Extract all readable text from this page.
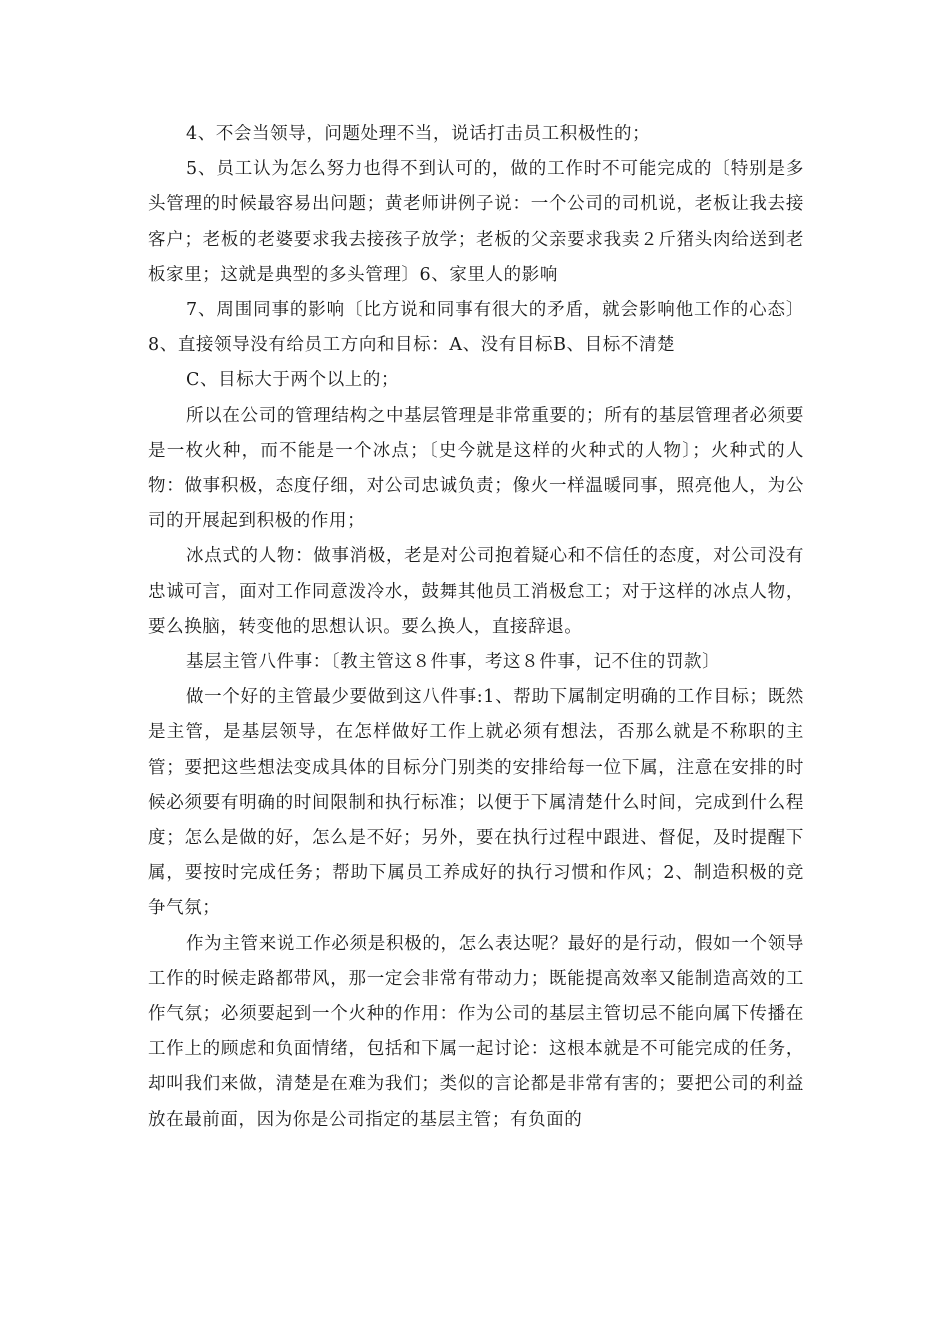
4、不会当领导，问题处理不当，说话打击员工积极性的；

5、员工认为怎么努力也得不到认可的，做的工作时不可能完成的〔特别是多头管理的时候最容易出问题；黄老师讲例子说：一个公司的司机说，老板让我去接客户；老板的老婆要求我去接孩子放学；老板的父亲要求我卖２斤猪头肉给送到老板家里；这就是典型的多头管理〕6、家里人的影响

7、周围同事的影响〔比方说和同事有很大的矛盾，就会影响他工作的心态〕8、直接领导没有给员工方向和目标：A、没有目标B、目标不清楚

C、目标大于两个以上的；

所以在公司的管理结构之中基层管理是非常重要的；所有的基层管理者必须要是一枚火种，而不能是一个冰点；〔史今就是这样的火种式的人物〕；火种式的人物：做事积极，态度仔细，对公司忠诚负责；像火一样温暖同事，照亮他人，为公司的开展起到积极的作用；

冰点式的人物：做事消极，老是对公司抱着疑心和不信任的态度，对公司没有忠诚可言，面对工作同意泼冷水，鼓舞其他员工消极怠工；对于这样的冰点人物，要么换脑，转变他的思想认识。要么换人，直接辞退。

基层主管八件事：〔教主管这８件事，考这８件事，记不住的罚款〕

做一个好的主管最少要做到这八件事:1、帮助下属制定明确的工作目标；既然是主管，是基层领导，在怎样做好工作上就必须有想法，否那么就是不称职的主管；要把这些想法变成具体的目标分门别类的安排给每一位下属，注意在安排的时候必须要有明确的时间限制和执行标准；以便于下属清楚什么时间，完成到什么程度；怎么是做的好，怎么是不好；另外，要在执行过程中跟进、督促，及时提醒下属，要按时完成任务；帮助下属员工养成好的执行习惯和作风；2、制造积极的竞争气氛；

作为主管来说工作必须是积极的，怎么表达呢？最好的是行动，假如一个领导工作的时候走路都带风，那一定会非常有带动力；既能提高效率又能制造高效的工作气氛；必须要起到一个火种的作用：作为公司的基层主管切忌不能向属下传播在工作上的顾虑和负面情绪，包括和下属一起讨论：这根本就是不可能完成的任务，却叫我们来做，清楚是在难为我们；类似的言论都是非常有害的；要把公司的利益放在最前面，因为你是公司指定的基层主管；有负面的
